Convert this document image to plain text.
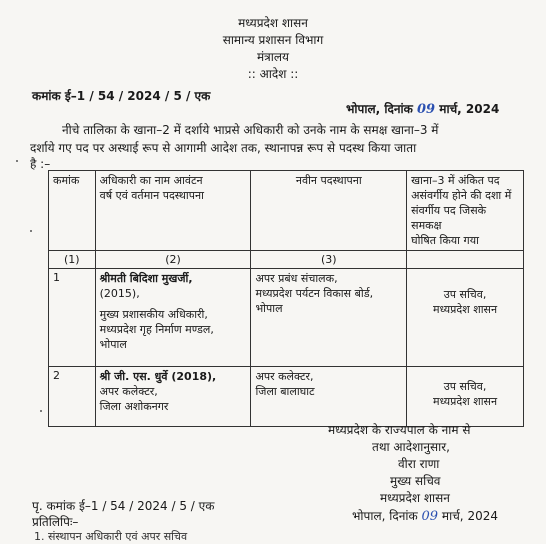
मध्यप्रदेश शासन
सामान्य प्रशासन विभाग
मंत्रालय
:: आदेश ::
कमांक ई–1 / 54 / 2024 / 5 / एक
भोपाल, दिनांक 09 मार्च, 2024
नीचे तालिका के खाना–2 में दर्शाये भाप्रसे अधिकारी को उनके नाम के समक्ष खाना–3 में
दर्शाये गए पद पर अस्थाई रूप से आगामी आदेश तक, स्थानापन्न रूप से पदस्थ किया जाता
है :–
कमांक	अधिकारी का नाम आवंटन
वर्ष एवं वर्तमान पदस्थापना	नवीन पदस्थापना	खाना–3 में अंकित पद
असंवर्गीय होने की दशा में
संवर्गीय पद जिसके समकक्ष
घोषित किया गया

(1)	(2)	(3)	
1	श्रीमती बिदिशा मुखर्जी,
(2015),
मुख्य प्रशासकीय अधिकारी,
मध्यप्रदेश गृह निर्माण मण्डल,
भोपाल	अपर प्रबंध संचालक,
मध्यप्रदेश पर्यटन विकास बोर्ड,
भोपाल	उप सचिव,
मध्यप्रदेश शासन

2	श्री जी. एस. धुर्वे (2018),
अपर कलेक्टर,
जिला अशोकनगर	अपर कलेक्टर,
जिला बालाघाट	उप सचिव,
मध्यप्रदेश शासन
मध्यप्रदेश के राज्यपाल के नाम से
तथा आदेशानुसार,
वीरा राणा
मुख्य सचिव
मध्यप्रदेश शासन
भोपाल, दिनांक 09 मार्च, 2024
पृ. कमांक ई–1 / 54 / 2024 / 5 / एक
प्रतिलिपिः–
1. संस्थापन अधिकारी एवं अपर सचिव
